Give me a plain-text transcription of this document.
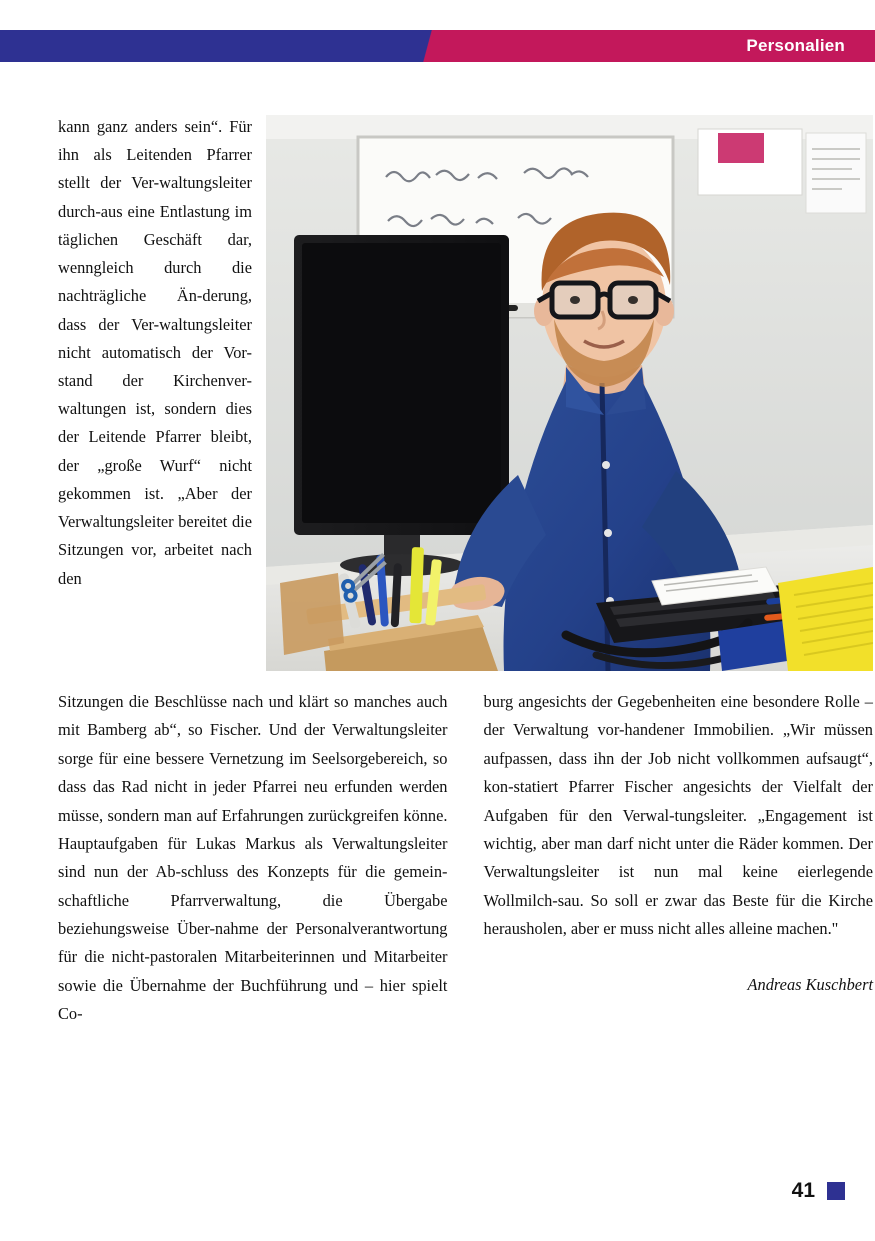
Personalien
kann ganz anders sein“. Für ihn als Leitenden Pfarrer stellt der Ver-waltungsleiter durch-aus eine Entlastung im täglichen Geschäft dar, wenngleich durch die nachträgliche Än-derung, dass der Ver-waltungsleiter nicht automatisch der Vor-stand der Kirchenver-waltungen ist, sondern dies der Leitende Pfarrer bleibt, der „große Wurf“ nicht gekommen ist. „Aber der Verwaltungsleiter bereitet die Sitzungen vor, arbeitet nach den

Sitzungen die Beschlüsse nach und klärt so manches auch mit Bamberg ab“, so Fischer. Und der Verwaltungsleiter sorge für eine bessere Vernetzung im Seelsorgebereich, so dass das Rad nicht in jeder Pfarrei neu erfunden werden müsse, sondern man auf Erfahrungen zurückgreifen könne. Hauptaufgaben für Lukas Markus als Verwaltungsleiter sind nun der Ab-schluss des Konzepts für die gemein-schaftliche Pfarrverwaltung, die Übergabe beziehungsweise Über-nahme der Personalverantwortung für die nicht-pastoralen Mitarbeiterinnen und Mitarbeiter sowie die Übernahme der Buchführung und – hier spielt Co-

burg angesichts der Gegebenheiten eine besondere Rolle – der Verwaltung vor-handener Immobilien. „Wir müssen aufpassen, dass ihn der Job nicht vollkommen aufsaugt“, kon-statiert Pfarrer Fischer angesichts der Vielfalt der Aufgaben für den Verwal-tungsleiter. „Engagement ist wichtig, aber man darf nicht unter die Räder kommen. Der Verwaltungsleiter ist nun mal keine eierlegende Wollmilch-sau. So soll er zwar das Beste für die Kirche herausholen, aber er muss nicht alles alleine machen."

Andreas Kuschbert
41
